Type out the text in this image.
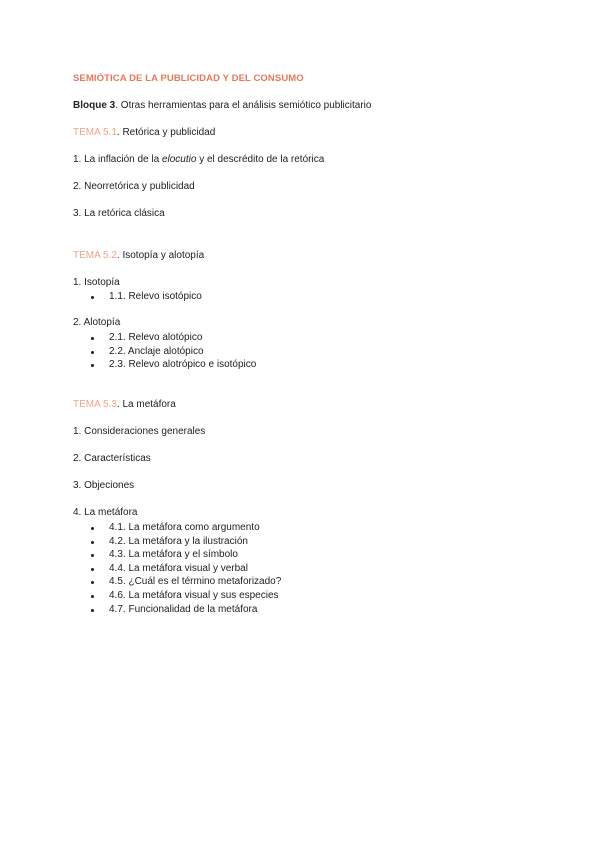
SEMIÓTICA DE LA PUBLICIDAD Y DEL CONSUMO
Bloque 3. Otras herramientas para el análisis semiótico publicitario
TEMA 5.1. Retórica y publicidad
1. La inflación de la elocutio y el descrédito de la retórica
2. Neorretórica y publicidad
3. La retórica clásica
TEMA 5.2. Isotopía y alotopía
1. Isotopía
1.1. Relevo isotópico
2. Alotopía
2.1. Relevo alotópico
2.2. Anclaje alotópico
2.3. Relevo alotrópico e isotópico
TEMA 5.3. La metáfora
1. Consideraciones generales
2. Características
3. Objeciones
4. La metáfora
4.1. La metáfora como argumento
4.2. La metáfora y la ilustración
4.3. La metáfora y el símbolo
4.4. La metáfora visual y verbal
4.5. ¿Cuál es el término metaforizado?
4.6. La metáfora visual y sus especies
4.7. Funcionalidad de la metáfora
